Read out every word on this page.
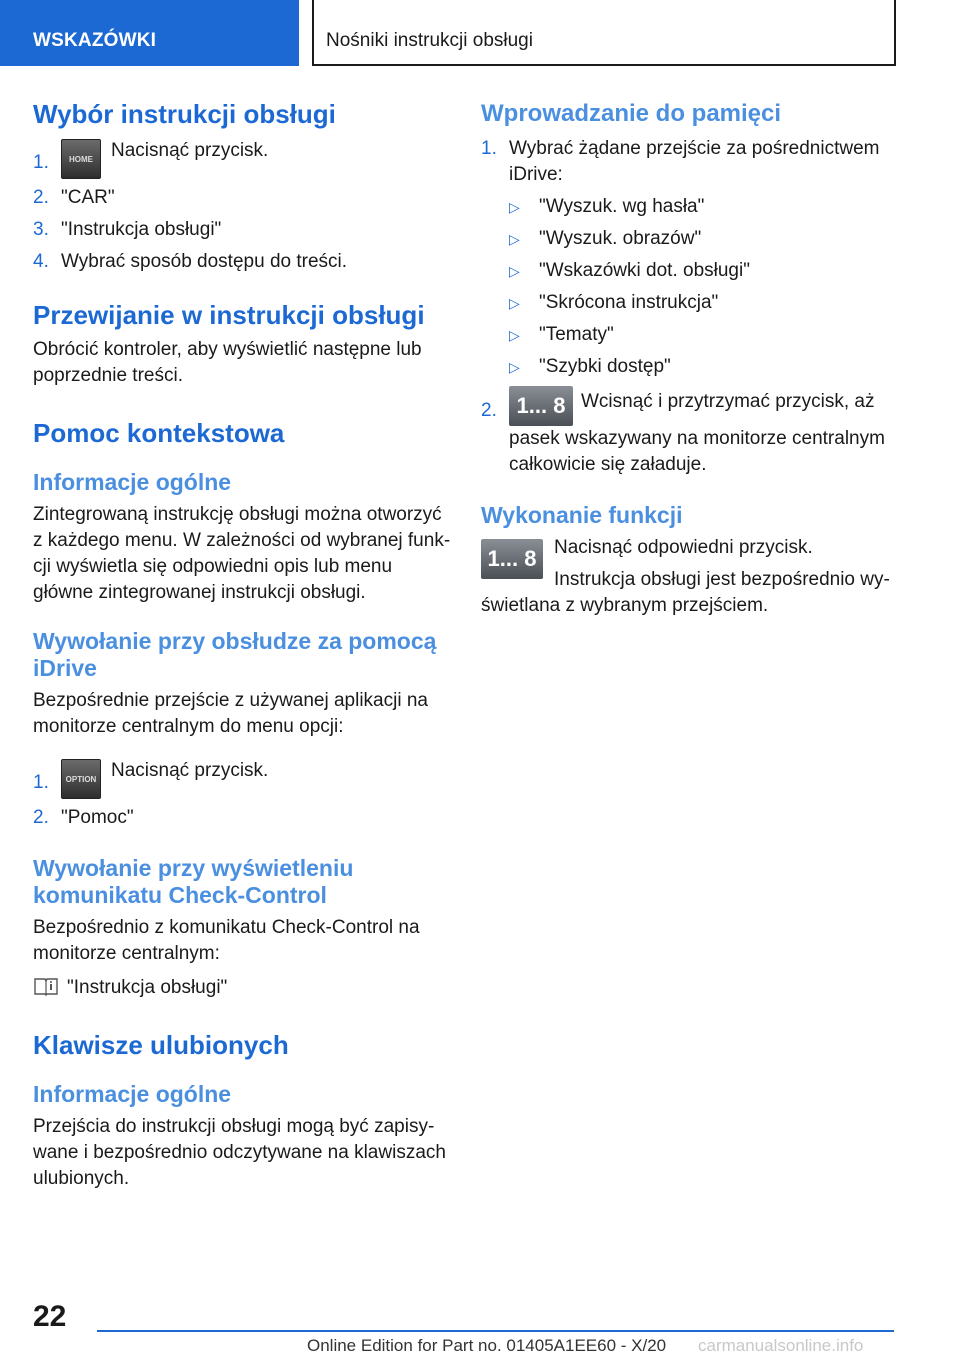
WSKAZÓWKI	Nośniki instrukcji obsługi
Wybór instrukcji obsługi
1.	HOME Nacisnąć przycisk.
2. "CAR"
3. "Instrukcja obsługi"
4. Wybrać sposób dostępu do treści.
Przewijanie w instrukcji obsługi

Obrócić kontroler, aby wyświetlić następne lub poprzednie treści.

Pomoc kontekstowa
Informacje ogólne

Zintegrowaną instrukcję obsługi można otworzyć z każdego menu. W zależności od wybranej funk- cji wyświetla się odpowiedni opis lub menu główne zintegrowanej instrukcji obsługi.

Wywołanie przy obsłudze za pomocą iDrive

Bezpośrednie przejście z używanej aplikacji na monitorze centralnym do menu opcji:

1. OPTION Nacisnąć przycisk.
2. "Pomoc"
Wywołanie przy wyświetleniu komunikatu Check-Control

Bezpośrednio z komunikatu Check-Control na monitorze centralnym:

"Instrukcja obsługi"

Klawisze ulubionych
Informacje ogólne

Przejścia do instrukcji obsługi mogą być zapisy- wane i bezpośrednio odczytywane na klawiszach ulubionych.

Wprowadzanie do pamięci
1. Wybrać żądane przejście za pośrednictwem iDrive:
▷ "Wyszuk. wg hasła"
▷ "Wyszuk. obrazów"
▷ "Wskazówki dot. obsługi"
▷ "Skrócona instrukcja"
▷ "Tematy"
▷ "Szybki dostęp"
2. 1... 8 Wcisnąć i przytrzymać przycisk, aż pasek wskazywany na monitorze centralnym całkowicie się załaduje.
Wykonanie funkcji
1... 8 Nacisnąć odpowiedni przycisk.

Instrukcja obsługi jest bezpośrednio wy- świetlana z wybranym przejściem.

22
Online Edition for Part no. 01405A1EE60 - X/20 carmanualsonline.info
